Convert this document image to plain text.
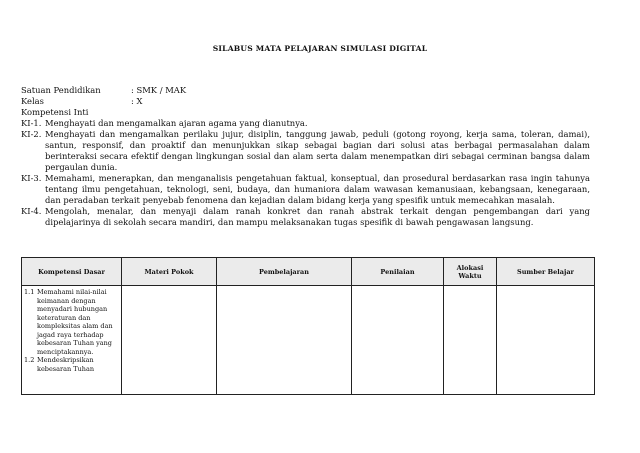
SILABUS MATA PELAJARAN SIMULASI DIGITAL
Satuan Pendidikan	: SMK / MAK
Kelas	: X
Kompetensi Inti
KI-1. Menghayati dan mengamalkan ajaran agama yang dianutnya.
KI-2. Menghayati dan mengamalkan perilaku jujur, disiplin, tanggung jawab, peduli (gotong royong, kerja sama, toleran, damai), santun, responsif, dan proaktif dan menunjukkan sikap sebagai bagian dari solusi atas berbagai permasalahan dalam berinteraksi secara efektif dengan lingkungan sosial dan alam serta dalam menempatkan diri sebagai cerminan bangsa dalam pergaulan dunia.
KI-3. Memahami, menerapkan, dan menganalisis pengetahuan faktual, konseptual, dan prosedural berdasarkan rasa ingin tahunya tentang ilmu pengetahuan, teknologi, seni, budaya, dan humaniora dalam wawasan kemanusiaan, kebangsaan, kenegaraan, dan peradaban terkait penyebab fenomena dan kejadian dalam bidang kerja yang spesifik untuk memecahkan masalah.
KI-4. Mengolah, menalar, dan menyaji dalam ranah konkret dan ranah abstrak terkait dengan pengembangan dari yang dipelajarinya di sekolah secara mandiri, dan mampu melaksanakan tugas spesifik di bawah pengawasan langsung.
Kompetensi Dasar	Materi Pokok	Pembelajaran	Penilaian	Alokasi Waktu	Sumber Belajar

1.1 Memahami nilai-nilai keimanan dengan menyadari hubungan keteraturan dan kompleksitas alam dan jagad raya terhadap kebesaran Tuhan yang menciptakannya.
1.2 Mendeskripsikan kebesaran Tuhan					
